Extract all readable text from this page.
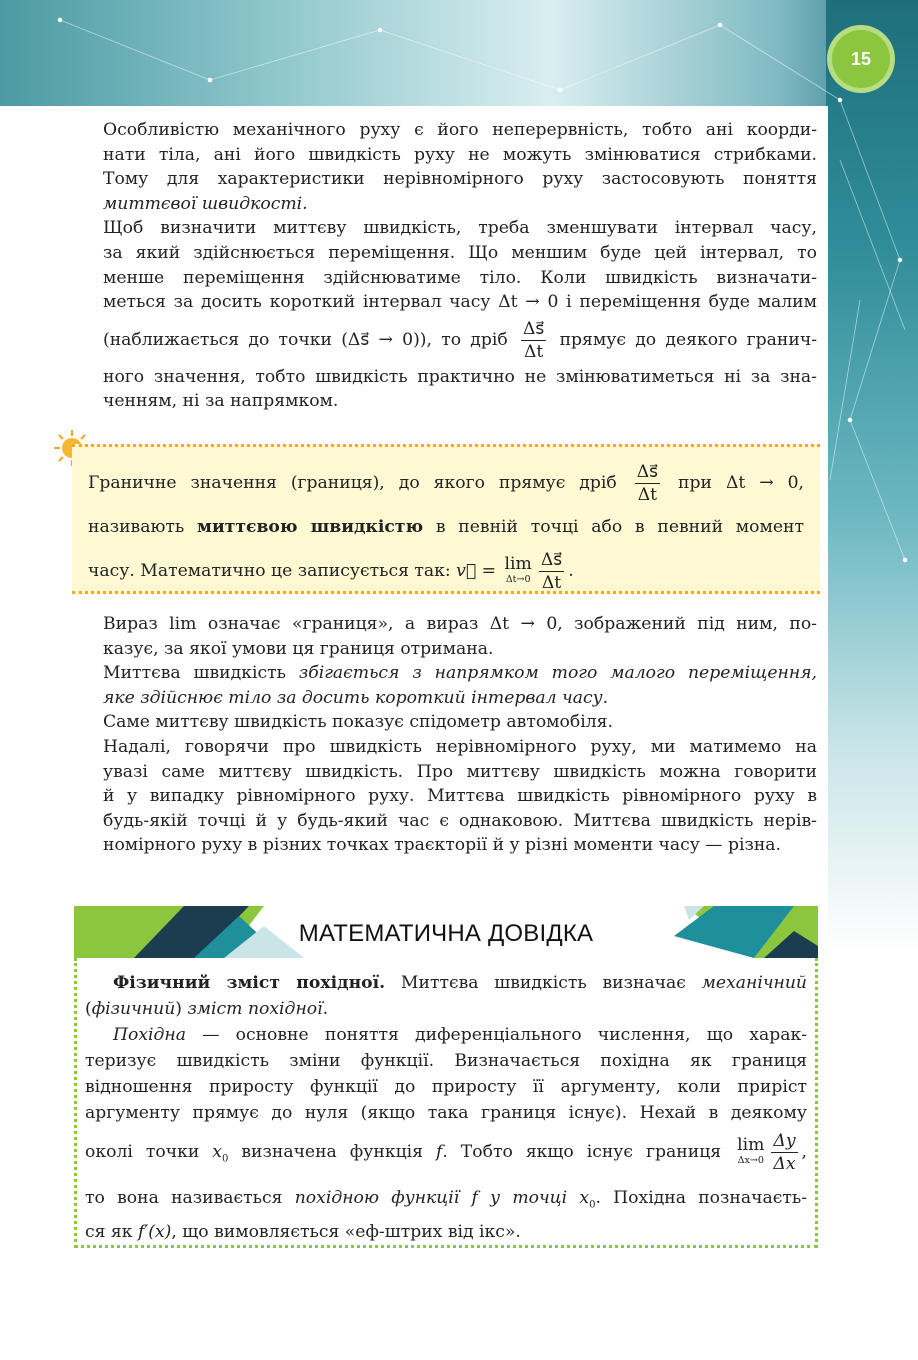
15

Особливістю механічного руху є його неперервність, тобто ані коорди-
нати тіла, ані його швидкість руху не можуть змінюватися стрибками.
Тому для характеристики нерівномірного руху застосовують поняття
миттєвої швидкості.

Щоб визначити миттєву швидкість, треба зменшувати інтервал часу,
за який здійснюється переміщення. Що меншим буде цей інтервал, то
менше переміщення здійснюватиме тіло. Коли швидкість визначати-
меться за досить короткий інтервал часу Δt → 0 і переміщення буде малим
(наближається до точки (Δs⃗ → 0)), то дріб $\frac{\Delta s⃗}{\Delta t}$ прямує до деякого гранич-
ного значення, тобто швидкість практично не змінюватиметься ні за зна-
ченням, ні за напрямком.

Граничне значення (границя), до якого прямує дріб $\frac{\Delta s⃗}{\Delta t}$ при Δt → 0,
називають миттєвою швидкістю в певній точці або в певний момент
часу. Математично це записується так: v⃗ = lim
$\Delta t\to 0 \frac{\Delta s⃗}{\Delta t}$ .

Вираз lim означає «границя», а вираз Δt → 0, зображений під ним, по-
казує, за якої умови ця границя отримана.

Миттєва швидкість збігається з напрямком того малого переміщення,
яке здійснює тіло за досить короткий інтервал часу.

Саме миттєву швидкість показує спідометр автомобіля.

Надалі, говорячи про швидкість нерівномірного руху, ми матимемо на
увазі саме миттєву швидкість. Про миттєву швидкість можна говорити
й у випадку рівномірного руху. Миттєва швидкість рівномірного руху в
будь-якій точці й у будь-який час є однаковою. Миттєва швидкість нерів-
номірного руху в різних точках траєкторії й у різні моменти часу — різна.

МАТЕМАТИЧНА ДОВІДКА

Фізичний зміст похідної. Миттєва швидкість визначає механічний
(фізичний) зміст похідної.

Похідна — основне поняття диференціального числення, що харак-
теризує швидкість зміни функції. Визначається похідна як границя
відношення приросту функції до приросту її аргументу, коли приріст
аргументу прямує до нуля (якщо така границя існує). Нехай в деякому
околі точки $x_0$ визначена функція f. Тобто якщо існує границя lim
$\Delta x\to 0 \frac{\Delta y}{\Delta x}$ ,
то вона називається похідною функції f у точці $x_0$. Похідна позначаєть-
ся як f′(x), що вимовляється «еф-штрих від ікс».
